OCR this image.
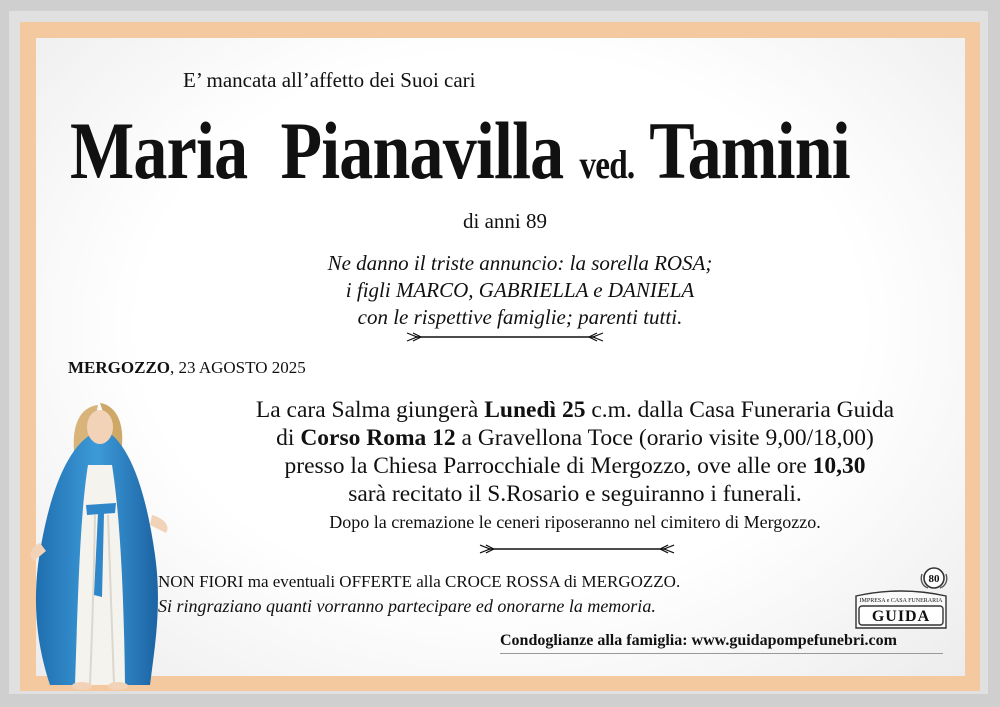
E’ mancata all’affetto dei Suoi cari
Maria Pianavilla ved. Tamini
di anni 89
Ne danno il triste annuncio: la sorella ROSA;
i figli MARCO, GABRIELLA e DANIELA
con le rispettive famiglie; parenti tutti.
MERGOZZO, 23 AGOSTO 2025
La cara Salma giungerà Lunedì 25 c.m. dalla Casa Funeraria Guida
di Corso Roma 12 a Gravellona Toce (orario visite 9,00/18,00)
presso la Chiesa Parrocchiale di Mergozzo, ove alle ore 10,30
sarà recitato il S.Rosario e seguiranno i funerali.
Dopo la cremazione le ceneri riposeranno nel cimitero di Mergozzo.
NON FIORI ma eventuali OFFERTE alla CROCE ROSSA di MERGOZZO.
Si ringraziano quanti vorranno partecipare ed onorarne la memoria.
Condoglianze alla famiglia: www.guidapompefunebri.com
80
IMPRESA e CASA FUNERARIA
GUIDA
